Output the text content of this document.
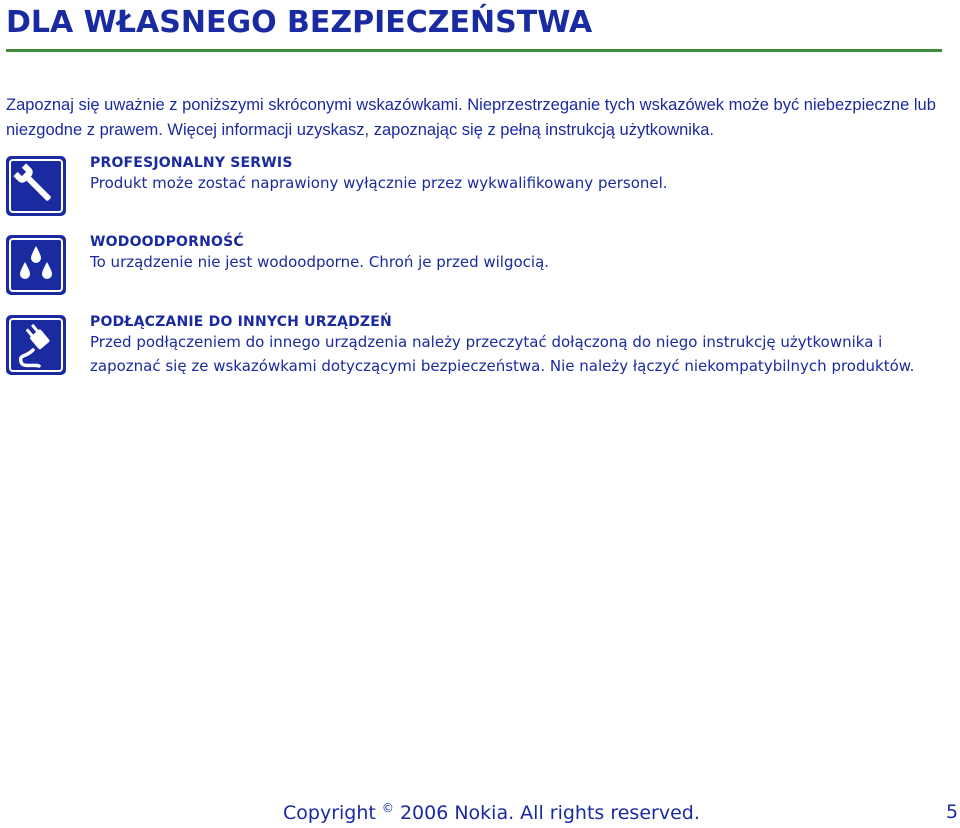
DLA WŁASNEGO BEZPIECZEŃSTWA

Zapoznaj się uważnie z poniższymi skróconymi wskazówkami. Nieprzestrzeganie tych wskazówek może być niebezpieczne lub niezgodne z prawem. Więcej informacji uzyskasz, zapoznając się z pełną instrukcją użytkownika.

PROFESJONALNY SERWIS

Produkt może zostać naprawiony wyłącznie przez wykwalifikowany personel.

WODOODPORNOŚĆ

To urządzenie nie jest wodoodporne. Chroń je przed wilgocią.

PODŁĄCZANIE DO INNYCH URZĄDZEŃ

Przed podłączeniem do innego urządzenia należy przeczytać dołączoną do niego instrukcję użytkownika i zapoznać się ze wskazówkami dotyczącymi bezpieczeństwa. Nie należy łączyć niekompatybilnych produktów.

Copyright © 2006 Nokia. All rights reserved.	5
